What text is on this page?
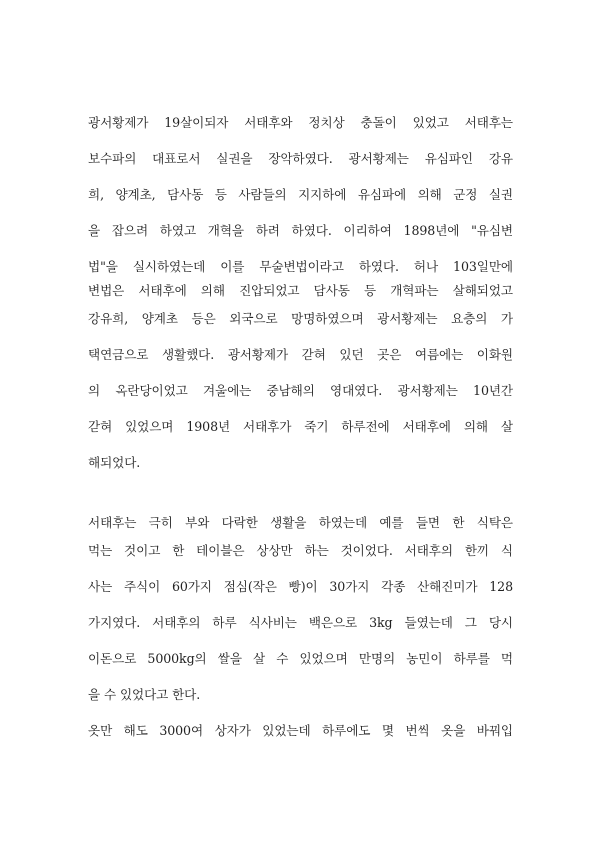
광서황제가 19살이되자 서태후와 정치상 충돌이 있었고 서태후는
보수파의 대표로서 실권을 장악하였다. 광서황제는 유심파인 강유
희, 양계초, 담사동 등 사람들의 지지하에 유심파에 의해 군정 실권
을 잡으려 하였고 개혁을 하려 하였다. 이리하여 1898년에 "유심변
법"을 실시하였는데 이를 무술변법이라고 하였다. 허나 103일만에
변법은 서태후에 의해 진압되었고 담사동 등 개혁파는 살해되었고
강유희, 양계초 등은 외국으로 망명하였으며 광서황제는 요층의 가
택연금으로 생활했다. 광서황제가 갇혀 있던 곳은 여름에는 이화원
의 옥란당이었고 겨울에는 중남해의 영대였다. 광서황제는 10년간
갇혀 있었으며 1908년 서태후가 죽기 하루전에 서태후에 의해 살
해되었다.
서태후는 극히 부와 다락한 생활을 하였는데 예를 들면 한 식탁은
먹는 것이고 한 테이블은 상상만 하는 것이었다. 서태후의 한끼 식
사는 주식이 60가지 점심(작은 빵)이 30가지 각종 산해진미가 128
가지였다. 서태후의 하루 식사비는 백은으로 3kg 들였는데 그 당시
이돈으로 5000kg의 쌀을 살 수 있었으며 만명의 농민이 하루를 먹
을 수 있었다고 한다.
옷만 해도 3000여 상자가 있었는데 하루에도 몇 번씩 옷을 바꿔입
